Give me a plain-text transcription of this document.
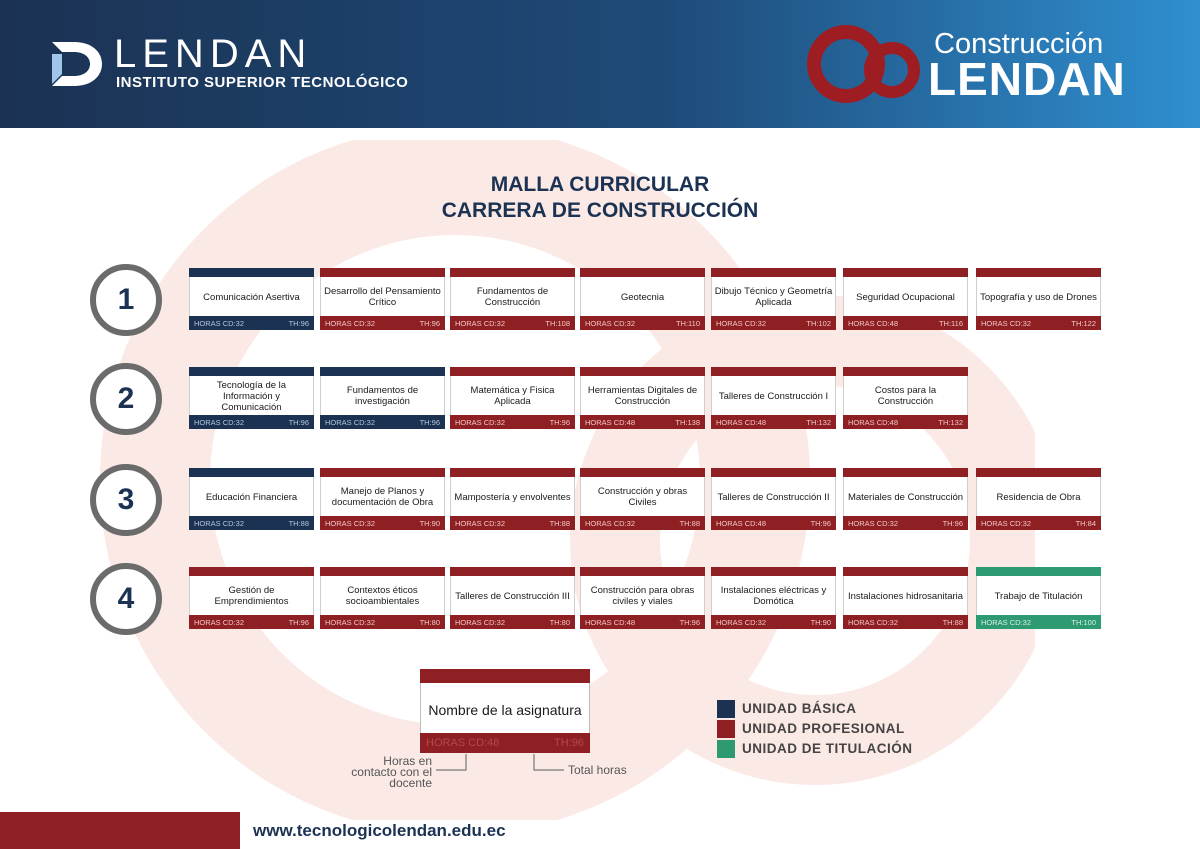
LENDAN
INSTITUTO SUPERIOR TECNOLÓGICO
Construcción
LENDAN
MALLA CURRICULAR
CARRERA DE CONSTRUCCIÓN
1	Comunicación Asertiva
HORAS CD:32	TH:96
Desarrollo del Pensamiento Crítico
HORAS CD:32	TH:96
Fundamentos de Construcción
HORAS CD:32	TH:108
Geotecnia
HORAS CD:32	TH:110
Dibujo Técnico y Geometría Aplicada
HORAS CD:32	TH:102
Seguridad Ocupacional
HORAS CD:48	TH:116
Topografía y uso de Drones
HORAS CD:32	TH:122
2	Tecnología de la Información y Comunicación
HORAS CD:32	TH:96
Fundamentos de investigación
HORAS CD:32	TH:96
Matemática y Fisica Aplicada
HORAS CD:32	TH:96
Herramientas Digitales de Construcción
HORAS CD:48	TH:138
Talleres de Construcción I
HORAS CD:48	TH:132
Costos para la Construcción
HORAS CD:48	TH:132
3	Educación Financiera
HORAS CD:32	TH:88
Manejo de Planos y documentación de Obra
HORAS CD:32	TH:90
Mampostería y envolventes
HORAS CD:32	TH:88
Construcción y obras Civiles
HORAS CD:32	TH:88
Talleres de Construcción II
HORAS CD:48	TH:96
Materiales de Construcción
HORAS CD:32	TH:96
Residencia de Obra
HORAS CD:32	TH:84
4	Gestión de Emprendimientos
HORAS CD:32	TH:96
Contextos éticos socioambientales
HORAS CD:32	TH:80
Talleres de Construcción III
HORAS CD:32	TH:80
Construcción para obras civiles y viales
HORAS CD:48	TH:96
Instalaciones eléctricas y Domótica
HORAS CD:32	TH:90
Instalaciones hidrosanitaria
HORAS CD:32	TH:88
Trabajo de Titulación
HORAS CD:32	TH:100
Nombre de la asignatura
HORAS CD:48	TH:96
Horas en contacto con el docente
Total horas
UNIDAD BÁSICA
UNIDAD PROFESIONAL
UNIDAD DE TITULACIÓN
www.tecnologicolendan.edu.ec
